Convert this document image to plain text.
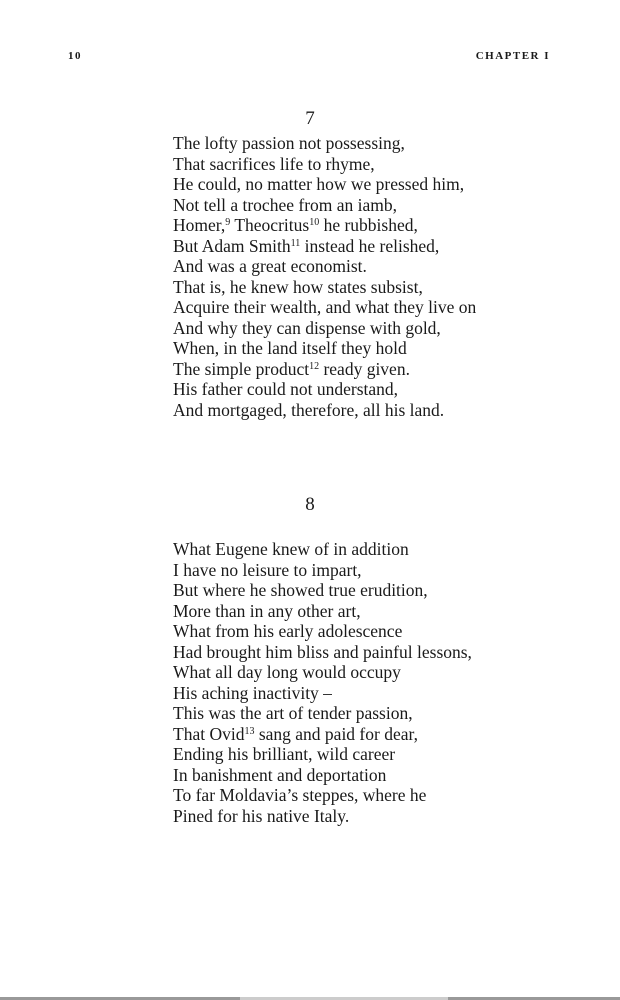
10	CHAPTER I
7
The lofty passion not possessing,
That sacrifices life to rhyme,
He could, no matter how we pressed him,
Not tell a trochee from an iamb,
Homer,$^9$ Theocritus$^{10}$ he rubbished,
But Adam Smith$^{11}$ instead he relished,
And was a great economist.
That is, he knew how states subsist,
Acquire their wealth, and what they live on
And why they can dispense with gold,
When, in the land itself they hold
The simple product$^{12}$ ready given.
His father could not understand,
And mortgaged, therefore, all his land.
8
What Eugene knew of in addition
I have no leisure to impart,
But where he showed true erudition,
More than in any other art,
What from his early adolescence
Had brought him bliss and painful lessons,
What all day long would occupy
His aching inactivity –
This was the art of tender passion,
That Ovid$^{13}$ sang and paid for dear,
Ending his brilliant, wild career
In banishment and deportation
To far Moldavia’s steppes, where he
Pined for his native Italy.
